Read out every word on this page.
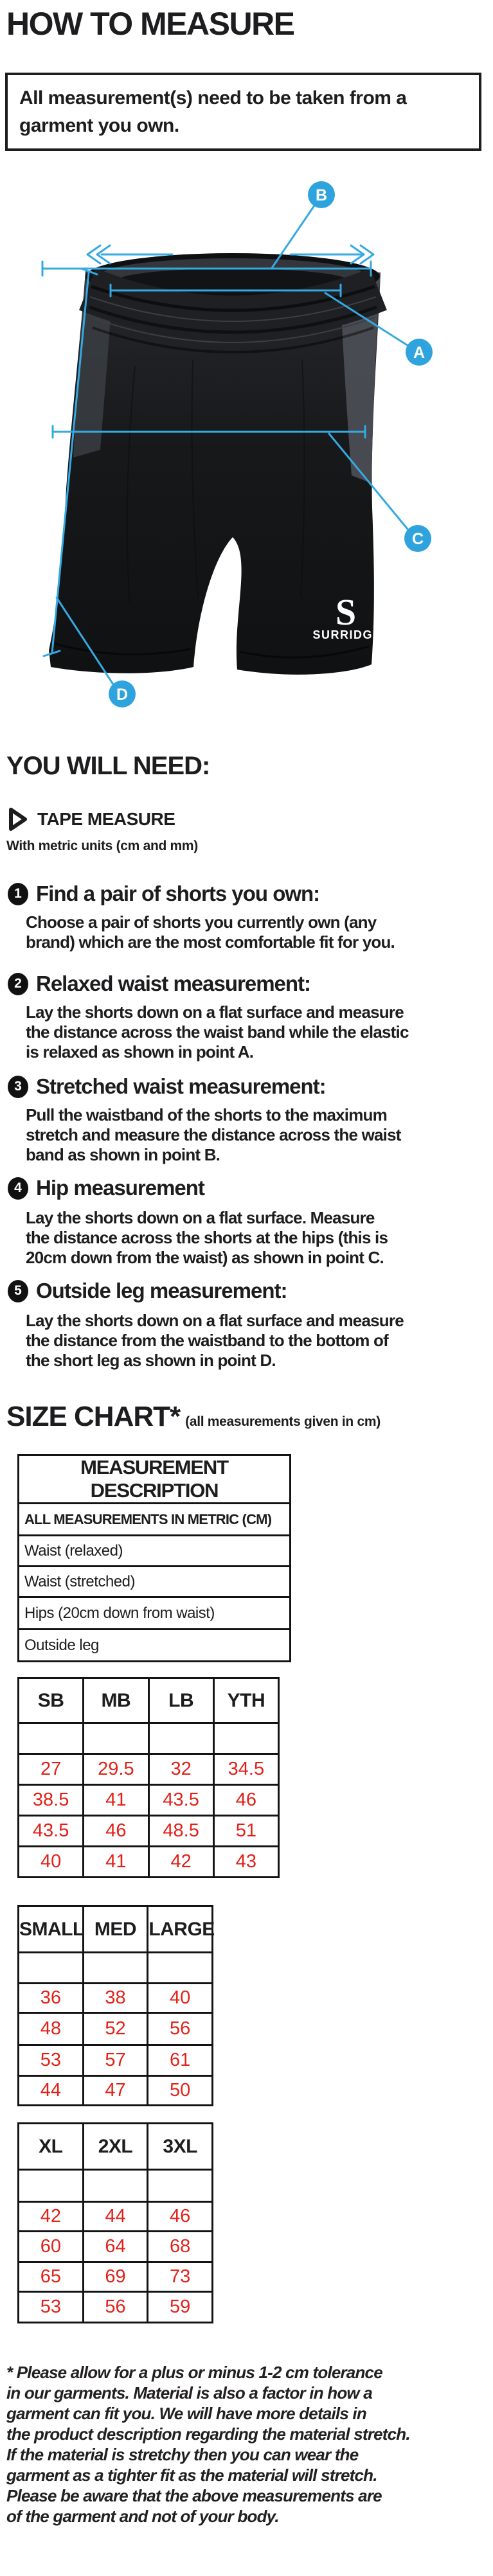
HOW TO MEASURE
All measurement(s) need to be taken from a
garment you own.
S
SURRIDGE
B
A
C
D
YOU WILL NEED:
TAPE MEASURE
With metric units (cm and mm)
1 Find a pair of shorts you own:
Choose a pair of shorts you currently own (any
brand) which are the most comfortable fit for you.
2 Relaxed waist measurement:
Lay the shorts down on a flat surface and measure
the distance across the waist band while the elastic
is relaxed as shown in point A.
3 Stretched waist measurement:
Pull the waistband of the shorts to the maximum
stretch and measure the distance across the waist
band as shown in point B.
4 Hip measurement
Lay the shorts down on a flat surface. Measure
the distance across the shorts at the hips (this is
20cm down from the waist) as shown in point C.
5 Outside leg measurement:
Lay the shorts down on a flat surface and measure
the distance from the waistband to the bottom of
the short leg as shown in point D.
SIZE CHART* (all measurements given in cm)
MEASUREMENT DESCRIPTION
ALL MEASUREMENTS IN METRIC (CM)
Waist (relaxed)
Waist (stretched)
Hips (20cm down from waist)
Outside leg
SB	MB	LB	YTH

27	29.5	32	34.5
38.5	41	43.5	46
43.5	46	48.5	51
40	41	42	43
SMALL	MED	LARGE

36	38	40
48	52	56
53	57	61
44	47	50
XL	2XL	3XL

42	44	46
60	64	68
65	69	73
53	56	59
* Please allow for a plus or minus 1-2 cm tolerance
in our garments. Material is also a factor in how a
garment can fit you. We will have more details in
the product description regarding the material stretch.
If the material is stretchy then you can wear the
garment as a tighter fit as the material will stretch.
Please be aware that the above measurements are
of the garment and not of your body.
